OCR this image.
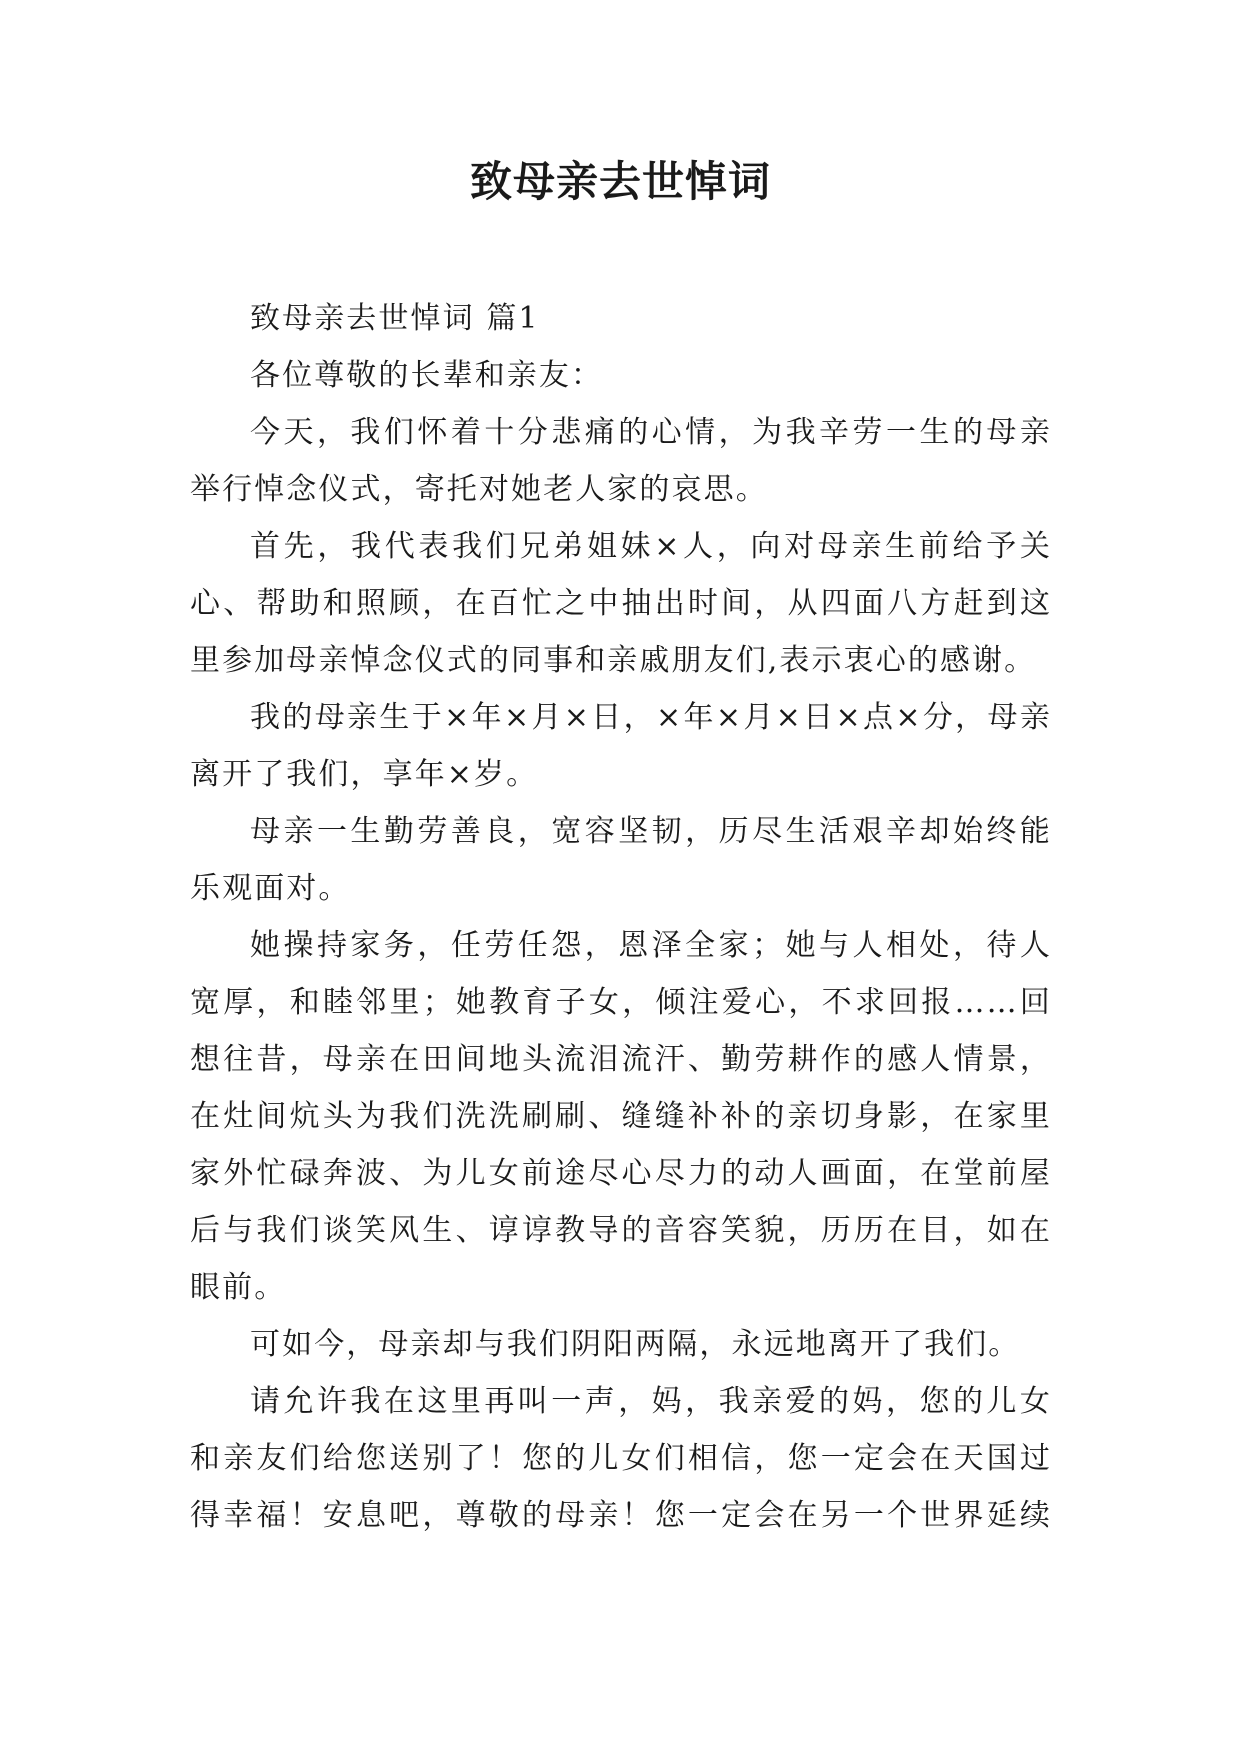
致母亲去世悼词

致母亲去世悼词 篇1

各位尊敬的长辈和亲友：

今天，我们怀着十分悲痛的心情，为我辛劳一生的母亲举行悼念仪式，寄托对她老人家的哀思。

首先，我代表我们兄弟姐妹×人，向对母亲生前给予关心、帮助和照顾，在百忙之中抽出时间，从四面八方赶到这里参加母亲悼念仪式的同事和亲戚朋友们,表示衷心的感谢。

我的母亲生于×年×月×日，×年×月×日×点×分，母亲离开了我们，享年×岁。

母亲一生勤劳善良，宽容坚韧，历尽生活艰辛却始终能乐观面对。

她操持家务，任劳任怨，恩泽全家；她与人相处，待人宽厚，和睦邻里；她教育子女，倾注爱心，不求回报……回想往昔，母亲在田间地头流泪流汗、勤劳耕作的感人情景，在灶间炕头为我们洗洗刷刷、缝缝补补的亲切身影，在家里家外忙碌奔波、为儿女前途尽心尽力的动人画面，在堂前屋后与我们谈笑风生、谆谆教导的音容笑貌，历历在目，如在眼前。

可如今，母亲却与我们阴阳两隔，永远地离开了我们。

请允许我在这里再叫一声，妈，我亲爱的妈，您的儿女和亲友们给您送别了！您的儿女们相信，您一定会在天国过得幸福！安息吧，尊敬的母亲！您一定会在另一个世界延续
